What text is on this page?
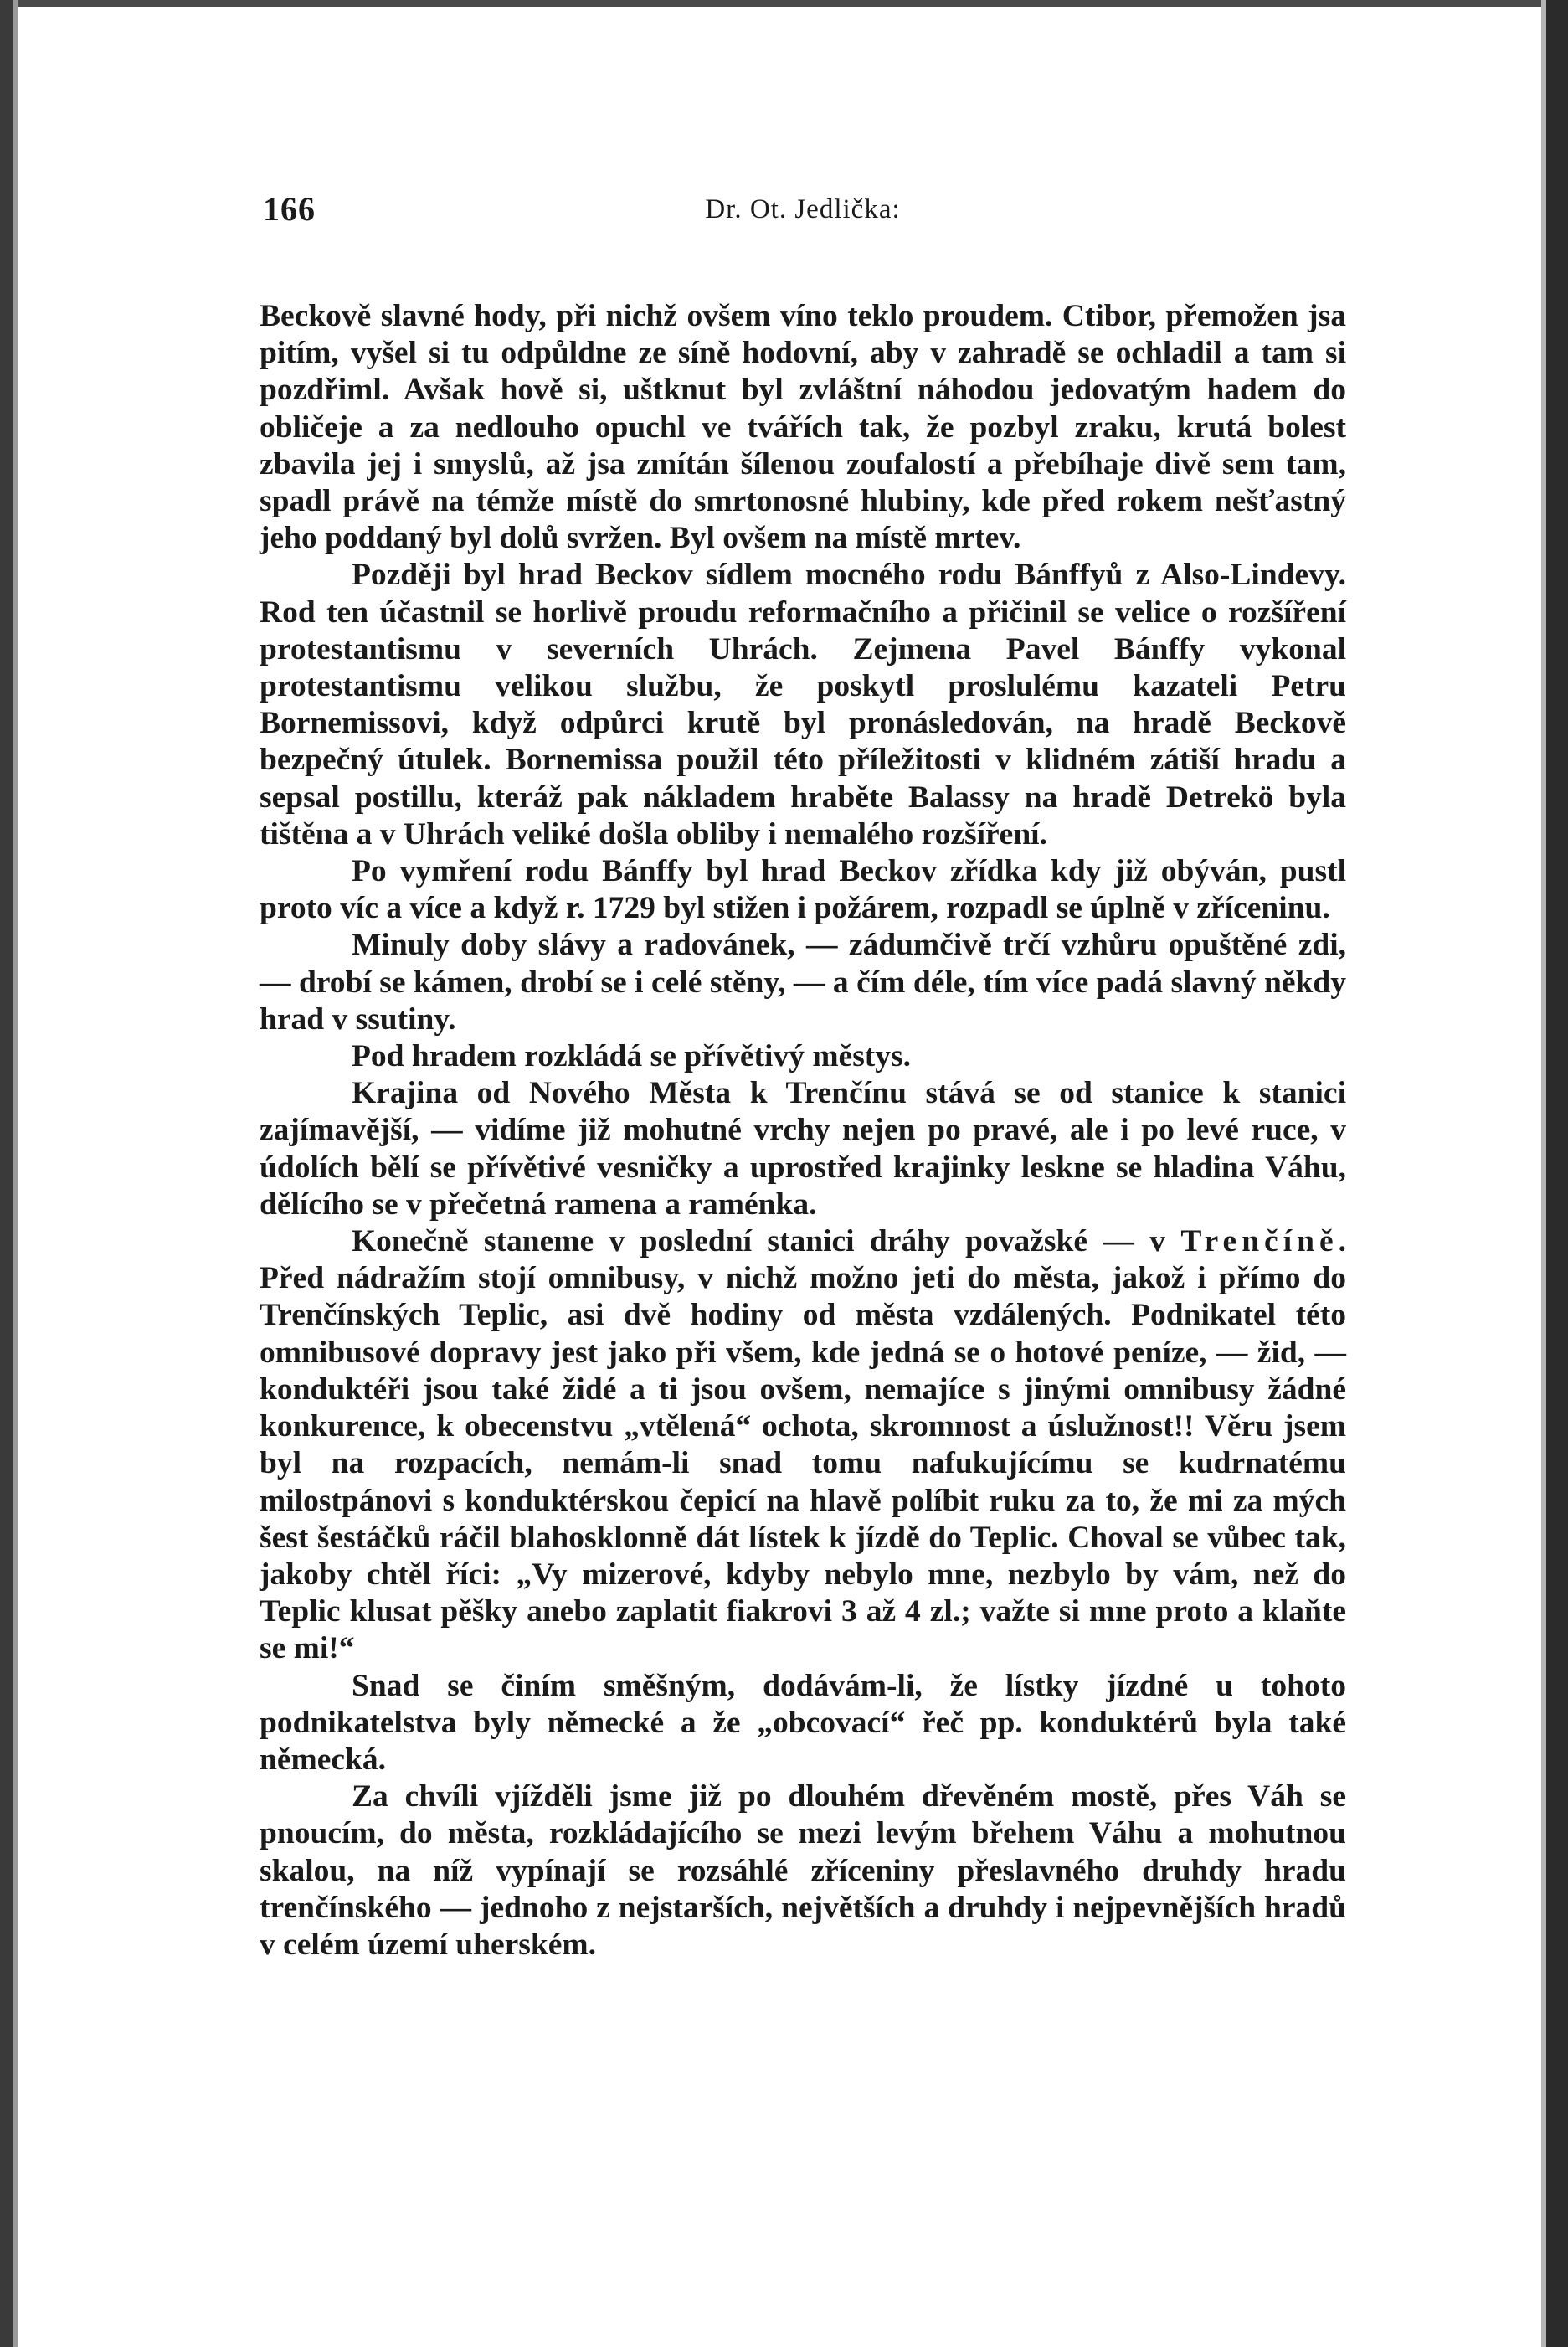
166	Dr. Ot. Jedlička:

Beckově slavné hody, při nichž ovšem víno teklo proudem. Ctibor, přemožen jsa pitím, vyšel si tu odpůldne ze síně hodovní, aby v zahradě se ochladil a tam si pozdřiml. Avšak hově si, uštknut byl zvláštní náhodou jedovatým hadem do obličeje a za nedlouho opuchl ve tvářích tak, že pozbyl zraku, krutá bolest zbavila jej i smyslů, až jsa zmítán šílenou zoufalostí a přebíhaje divě sem tam, spadl právě na témže místě do smrtonosné hlubiny, kde před rokem nešťastný jeho poddaný byl dolů svržen. Byl ovšem na místě mrtev.

Později byl hrad Beckov sídlem mocného rodu Bánffyů z Also-Lindevy. Rod ten účastnil se horlivě proudu reformačního a přičinil se velice o rozšíření protestantismu v severních Uhrách. Zejmena Pavel Bánffy vykonal protestantismu velikou službu, že poskytl proslulému kazateli Petru Bornemissovi, když odpůrci krutě byl pronásledován, na hradě Beckově bezpečný útulek. Bornemissa použil této příležitosti v klidném zátiší hradu a sepsal postillu, kteráž pak nákladem hraběte Balassy na hradě Detrekö byla tištěna a v Uhrách veliké došla obliby i nemalého rozšíření.

Po vymření rodu Bánffy byl hrad Beckov zřídka kdy již obýván, pustl proto víc a více a když r. 1729 byl stižen i požárem, rozpadl se úplně v zříceninu.

Minuly doby slávy a radovánek, — zádumčivě trčí vzhůru opuštěné zdi, — drobí se kámen, drobí se i celé stěny, — a čím déle, tím více padá slavný někdy hrad v ssutiny.

Pod hradem rozkládá se přívětivý městys.

Krajina od Nového Města k Trenčínu stává se od stanice k stanici zajímavější, — vidíme již mohutné vrchy nejen po pravé, ale i po levé ruce, v údolích bělí se přívětivé vesničky a uprostřed krajinky leskne se hladina Váhu, dělícího se v přečetná ramena a raménka.

Konečně staneme v poslední stanici dráhy považské — v Trenčíně. Před nádražím stojí omnibusy, v nichž možno jeti do města, jakož i přímo do Trenčínských Teplic, asi dvě hodiny od města vzdálených. Podnikatel této omnibusové dopravy jest jako při všem, kde jedná se o hotové peníze, — žid, — konduktéři jsou také židé a ti jsou ovšem, nemajíce s jinými omnibusy žádné konkurence, k obecenstvu „vtělená“ ochota, skromnost a úslužnost!! Věru jsem byl na rozpacích, nemám-li snad tomu nafukujícímu se kudrnatému milostpánovi s konduktérskou čepicí na hlavě políbit ruku za to, že mi za mých šest šestáčků ráčil blahosklonně dát lístek k jízdě do Teplic. Choval se vůbec tak, jakoby chtěl říci: „Vy mizerové, kdyby nebylo mne, nezbylo by vám, než do Teplic klusat pěšky anebo zaplatit fiakrovi 3 až 4 zl.; važte si mne proto a klaňte se mi!“

Snad se činím směšným, dodávám-li, že lístky jízdné u tohoto podnikatelstva byly německé a že „obcovací“ řeč pp. konduktérů byla také německá.

Za chvíli vjížděli jsme již po dlouhém dřevěném mostě, přes Váh se pnoucím, do města, rozkládajícího se mezi levým břehem Váhu a mohutnou skalou, na níž vypínají se rozsáhlé zříceniny přeslavného druhdy hradu trenčínského — jednoho z nejstarších, největších a druhdy i nejpevnějších hradů v celém území uherském.
